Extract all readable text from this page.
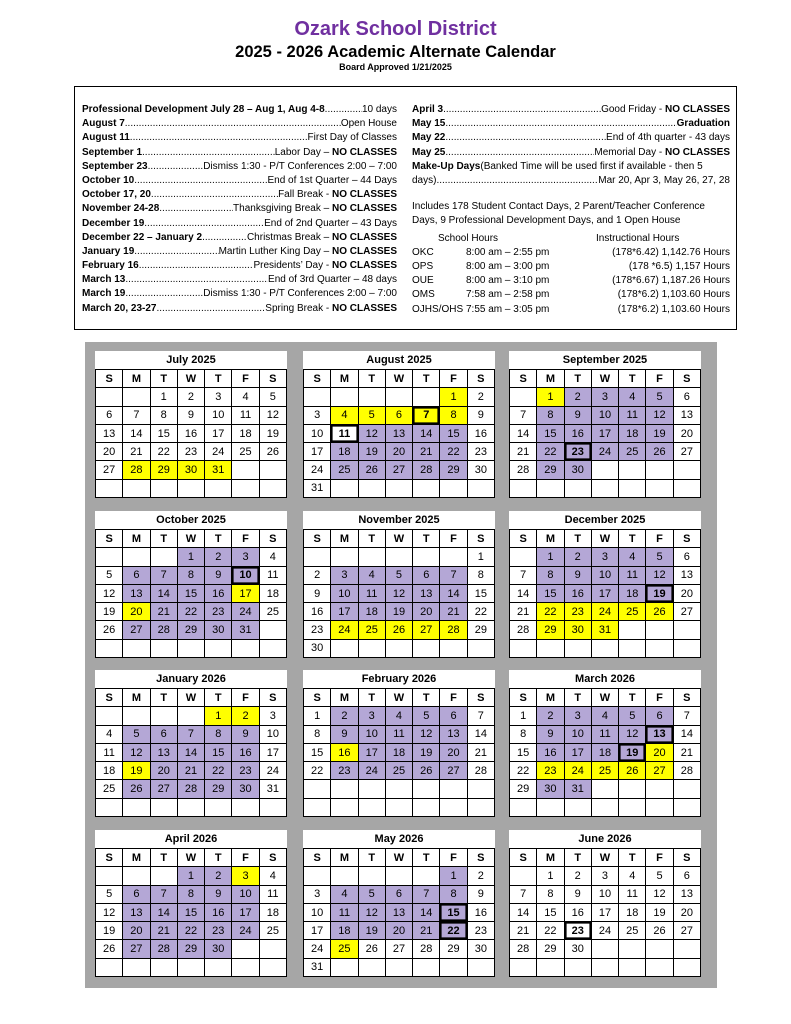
Ozark School District
2025 - 2026 Academic Alternate Calendar
Board Approved 1/21/2025
Professional Development July 28 – Aug 1, Aug 4-8 .....	10 days
August 7 .....	Open House
August 11 .....	First Day of Classes
September 1 .....	Labor Day – NO CLASSES
September 23 .....	Dismiss 1:30 - P/T Conferences 2:00 – 7:00
October 10 .....	End of 1st Quarter – 44 Days
October 17, 20 .....	Fall Break - NO CLASSES
November 24-28 .....	Thanksgiving Break – NO CLASSES
December 19 .....	End of 2nd Quarter – 43 Days
December 22 – January 2 .....	Christmas Break – NO CLASSES
January 19 .....	Martin Luther King Day – NO CLASSES
February 16 .....	Presidents’ Day - NO CLASSES
March 13 .....	End of 3rd Quarter – 48 days
March 19 .....	Dismiss 1:30 - P/T Conferences 2:00 – 7:00
March 20, 23-27 .....	Spring Break - NO CLASSES
April 3 .....	Good Friday - NO CLASSES
May 15 .....	Graduation
May 22 .....	End of 4th quarter - 43 days
May 25 .....	Memorial Day - NO CLASSES
Make-Up Days (Banked Time will be used first if available - then 5
days) .....	Mar 20, Apr 3, May 26, 27, 28
Includes 178 Student Contact Days, 2 Parent/Teacher Conference
Days, 9 Professional Development Days, and 1 Open House
School Hours	Instructional Hours
OKC	8:00 am – 2:55 pm	(178*6.42) 1,142.76 Hours
OPS	8:00 am – 3:00 pm	(178 *6.5) 1,157 Hours
OUE	8:00 am – 3:10 pm	(178*6.67) 1,187.26 Hours
OMS	7:58 am – 2:58 pm	(178*6.2) 1,103.60 Hours
OJHS/OHS 7:55 am – 3:05 pm	(178*6.2) 1,103.60 Hours
July 2025
S	M	T	W	T	F	S
		1	2	3	4	5
6	7	8	9	10	11	12
13	14	15	16	17	18	19
20	21	22	23	24	25	26
27	28	29	30	31		

August 2025
S	M	T	W	T	F	S
					1	2
3	4	5	6	7	8	9
10	11	12	13	14	15	16
17	18	19	20	21	22	23
24	25	26	27	28	29	30
31						
September 2025
S	M	T	W	T	F	S
	1	2	3	4	5	6
7	8	9	10	11	12	13
14	15	16	17	18	19	20
21	22	23	24	25	26	27
28	29	30				

October 2025
S	M	T	W	T	F	S
			1	2	3	4
5	6	7	8	9	10	11
12	13	14	15	16	17	18
19	20	21	22	23	24	25
26	27	28	29	30	31	

November 2025
S	M	T	W	T	F	S
						1
2	3	4	5	6	7	8
9	10	11	12	13	14	15
16	17	18	19	20	21	22
23	24	25	26	27	28	29
30						
December 2025
S	M	T	W	T	F	S
	1	2	3	4	5	6
7	8	9	10	11	12	13
14	15	16	17	18	19	20
21	22	23	24	25	26	27
28	29	30	31			

January 2026
S	M	T	W	T	F	S
				1	2	3
4	5	6	7	8	9	10
11	12	13	14	15	16	17
18	19	20	21	22	23	24
25	26	27	28	29	30	31

February 2026
S	M	T	W	T	F	S
1	2	3	4	5	6	7
8	9	10	11	12	13	14
15	16	17	18	19	20	21
22	23	24	25	26	27	28

March 2026
S	M	T	W	T	F	S
1	2	3	4	5	6	7
8	9	10	11	12	13	14
15	16	17	18	19	20	21
22	23	24	25	26	27	28
29	30	31				

April 2026
S	M	T	W	T	F	S
			1	2	3	4
5	6	7	8	9	10	11
12	13	14	15	16	17	18
19	20	21	22	23	24	25
26	27	28	29	30		

May 2026
S	M	T	W	T	F	S
					1	2
3	4	5	6	7	8	9
10	11	12	13	14	15	16
17	18	19	20	21	22	23
24	25	26	27	28	29	30
31						
June 2026
S	M	T	W	T	F	S
	1	2	3	4	5	6
7	8	9	10	11	12	13
14	15	16	17	18	19	20
21	22	23	24	25	26	27
28	29	30				
